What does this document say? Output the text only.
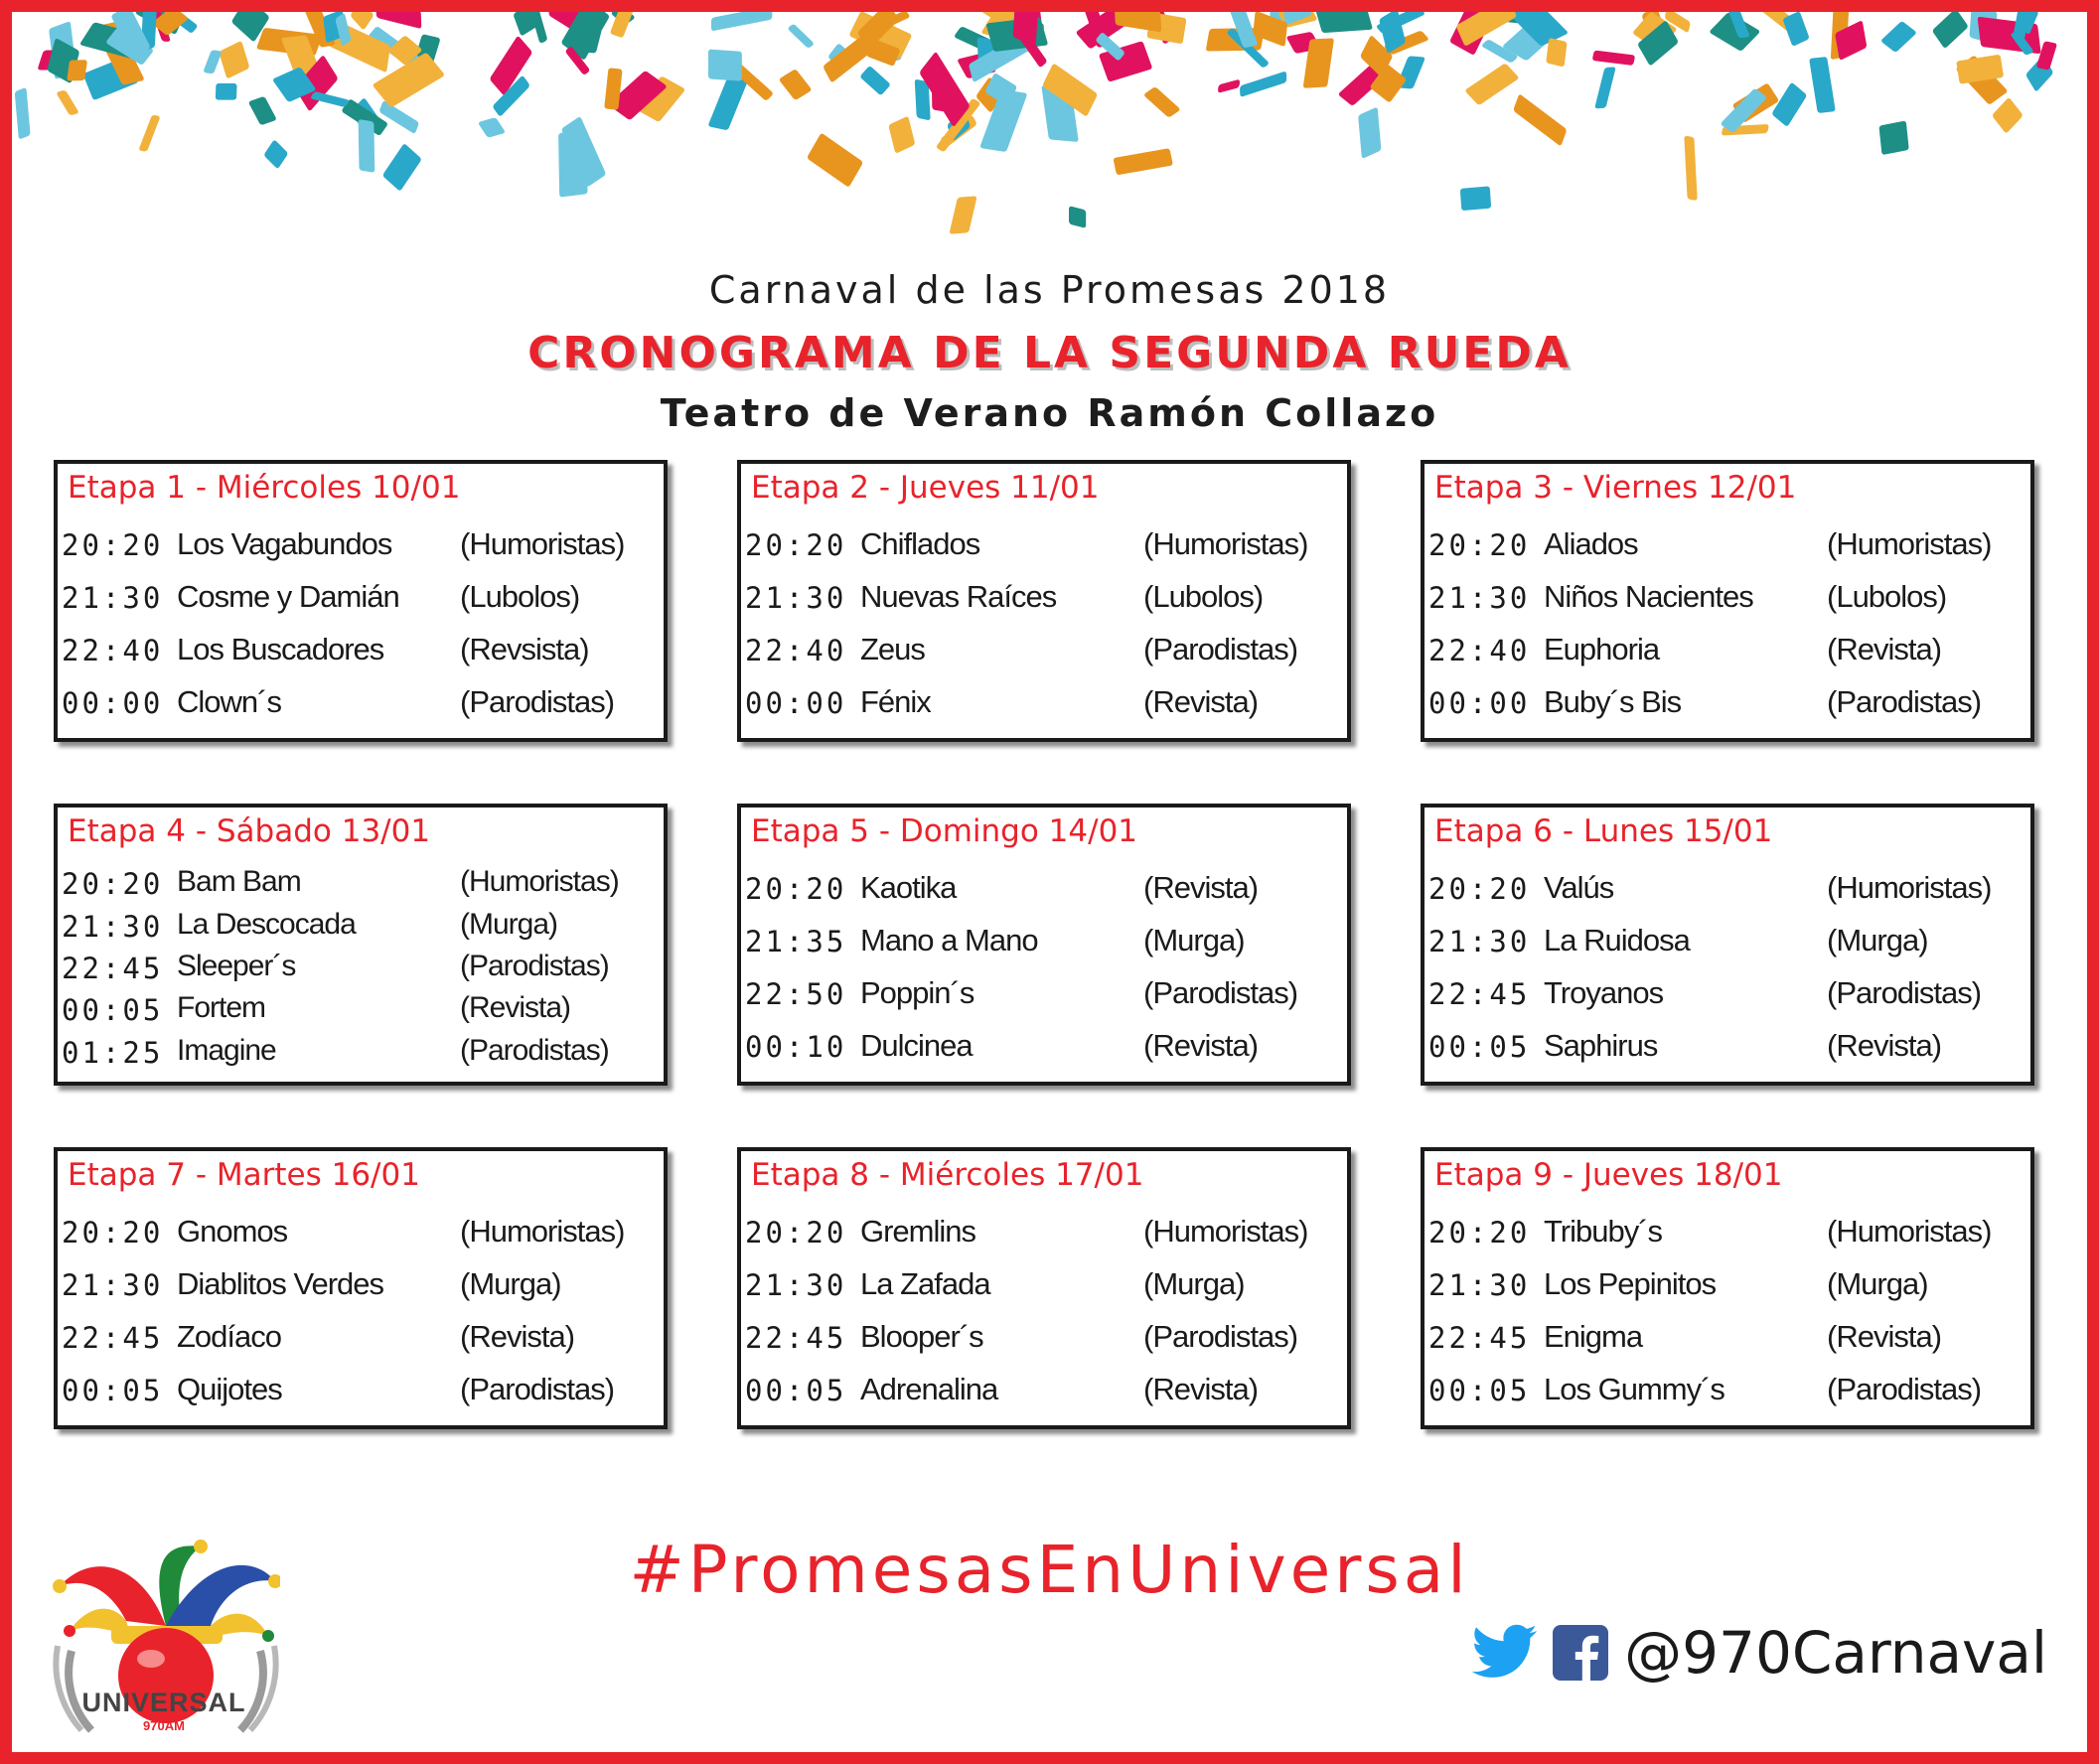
Carnaval de las Promesas 2018
CRONOGRAMA DE LA SEGUNDA RUEDA
Teatro de Verano Ramón Collazo
Etapa 1 - Miércoles 10/01
20:20 Los Vagabundos (Humoristas)
21:30 Cosme y Damián (Lubolos)
22:40 Los Buscadores (Revsista)
00:00 Clown´s	(Parodistas)
Etapa 2 - Jueves 11/01
20:20 Chiflados	(Humoristas)
21:30 Nuevas Raíces	(Lubolos)
22:40 Zeus	(Parodistas)
00:00 Fénix	(Revista)
Etapa 3 - Viernes 12/01
20:20 Aliados	(Humoristas)
21:30 Niños Nacientes (Lubolos)
22:40 Euphoria	(Revista)
00:00 Buby´s Bis	(Parodistas)
Etapa 4 - Sábado 13/01
20:20 Bam Bam	(Humoristas)
21:30 La Descocada	(Murga)
22:45 Sleeper´s	(Parodistas)
00:05 Fortem	(Revista)
01:25 Imagine	(Parodistas)
Etapa 5 - Domingo 14/01
20:20 Kaotika	(Revista)
21:35 Mano a Mano	(Murga)
22:50 Poppin´s	(Parodistas)
00:10 Dulcinea	(Revista)
Etapa 6 - Lunes 15/01
20:20 Valús	(Humoristas)
21:30 La Ruidosa	(Murga)
22:45 Troyanos	(Parodistas)
00:05 Saphirus	(Revista)
Etapa 7 - Martes 16/01
20:20 Gnomos	(Humoristas)
21:30 Diablitos Verdes (Murga)
22:45 Zodíaco	(Revista)
00:05 Quijotes	(Parodistas)
Etapa 8 - Miércoles 17/01
20:20 Gremlins	(Humoristas)
21:30 La Zafada	(Murga)
22:45 Blooper´s	(Parodistas)
00:05 Adrenalina	(Revista)
Etapa 9 - Jueves 18/01
20:20 Tribuby´s	(Humoristas)
21:30 Los Pepinitos	(Murga)
22:45 Enigma	(Revista)
00:05 Los Gummy´s	(Parodistas)
#PromesasEnUniversal
UNIVERSAL
970AM
@970Carnaval
